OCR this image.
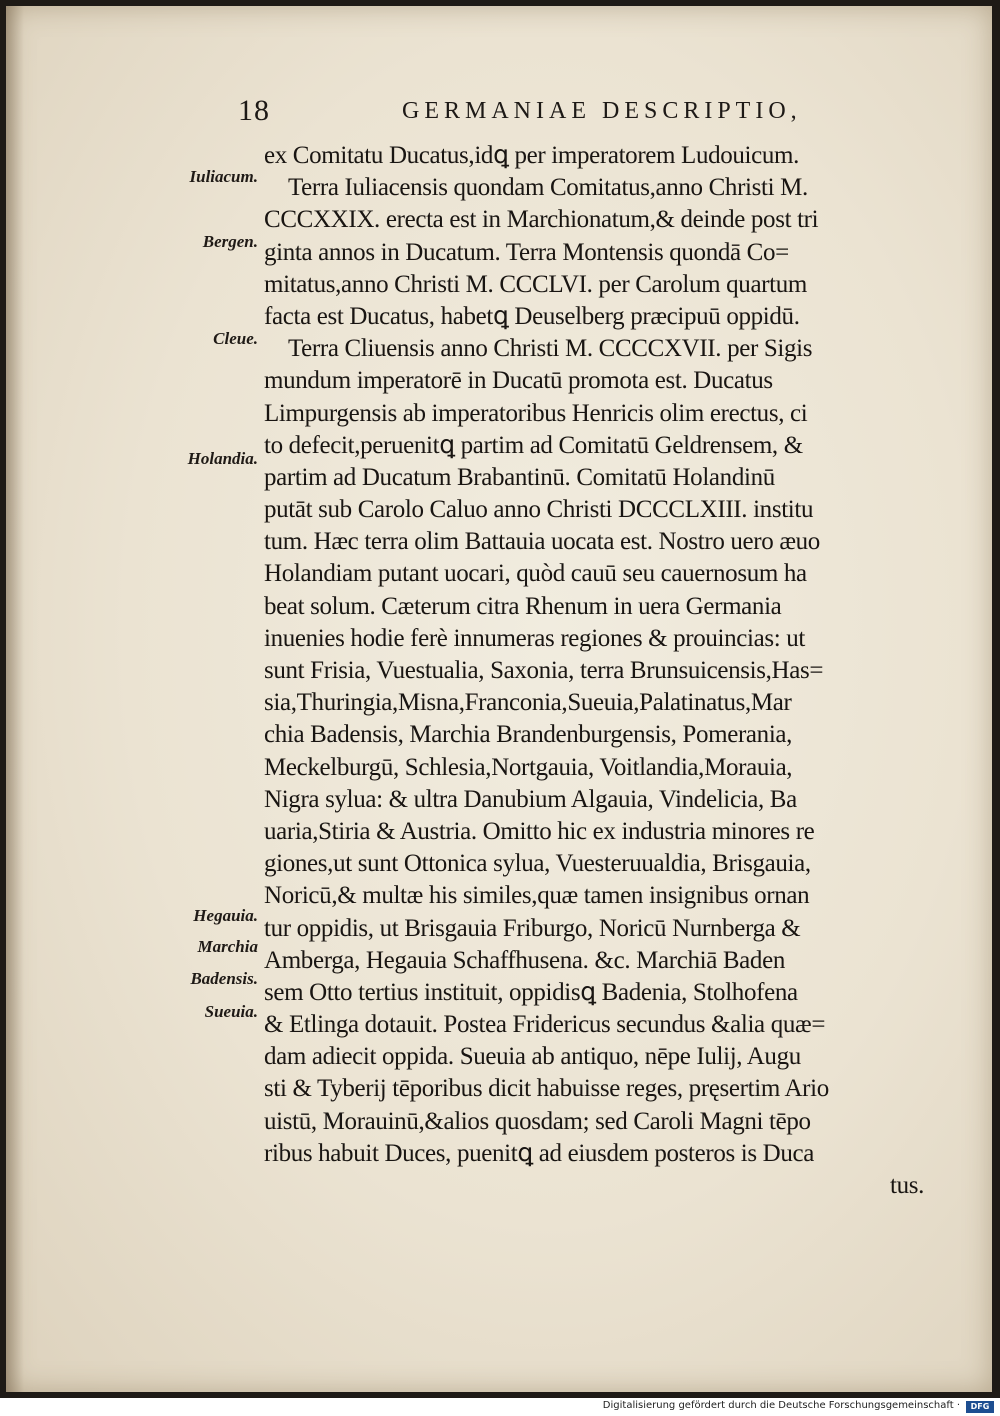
18	GERMANIAE DESCRIPTIO,
Iuliacum.
Bergen.
Cleue.
Holandia.
Hegauia.
Marchia
Badensis.
Sueuia.
ex Comitatu Ducatus,idꝗ per imperatorem Ludouicum.
Terra Iuliacensis quondam Comitatus,anno Christi M.
CCCXXIX. erecta est in Marchionatum,& deinde post tri
ginta annos in Ducatum. Terra Montensis quondā Co=
mitatus,anno Christi M. CCCLVI. per Carolum quartum
facta est Ducatus, habetꝗ Deuselberg præcipuū oppidū.
Terra Cliuensis anno Christi M. CCCCXVII. per Sigis
mundum imperatorē in Ducatū promota est. Ducatus
Limpurgensis ab imperatoribus Henricis olim erectus, ci
to defecit,peruenitꝗ partim ad Comitatū Geldrensem, &
partim ad Ducatum Brabantinū. Comitatū Holandinū
putāt sub Carolo Caluo anno Christi DCCCLXIII. institu
tum. Hæc terra olim Battauia uocata est. Nostro uero æuo
Holandiam putant uocari, quòd cauū seu cauernosum ha
beat solum. Cæterum citra Rhenum in uera Germania
inuenies hodie ferè innumeras regiones & prouincias: ut
sunt Frisia, Vuestualia, Saxonia, terra Brunsuicensis,Has=
sia,Thuringia,Misna,Franconia,Sueuia,Palatinatus,Mar
chia Badensis, Marchia Brandenburgensis, Pomerania,
Meckelburgū, Schlesia,Nortgauia, Voitlandia,Morauia,
Nigra sylua: & ultra Danubium Algauia, Vindelicia, Ba
uaria,Stiria & Austria. Omitto hic ex industria minores re
giones,ut sunt Ottonica sylua, Vuesteruualdia, Brisgauia,
Noricū,& multæ his similes,quæ tamen insignibus ornan
tur oppidis, ut Brisgauia Friburgo, Noricū Nurnberga &
Amberga, Hegauia Schaffhusena. &c. Marchiā Baden
sem Otto tertius instituit, oppidisꝗ Badenia, Stolhofena
& Etlinga dotauit. Postea Fridericus secundus &alia quæ=
dam adiecit oppida. Sueuia ab antiquo, nēpe Iulij, Augu
sti & Tyberij tēporibus dicit habuisse reges, pręsertim Ario
uistū, Morauinū,&alios quosdam; sed Caroli Magni tēpo
ribus habuit Duces, puenitꝗ ad eiusdem posteros is Duca
tus.
Digitalisierung gefördert durch die Deutsche Forschungsgemeinschaft ·	DFG
